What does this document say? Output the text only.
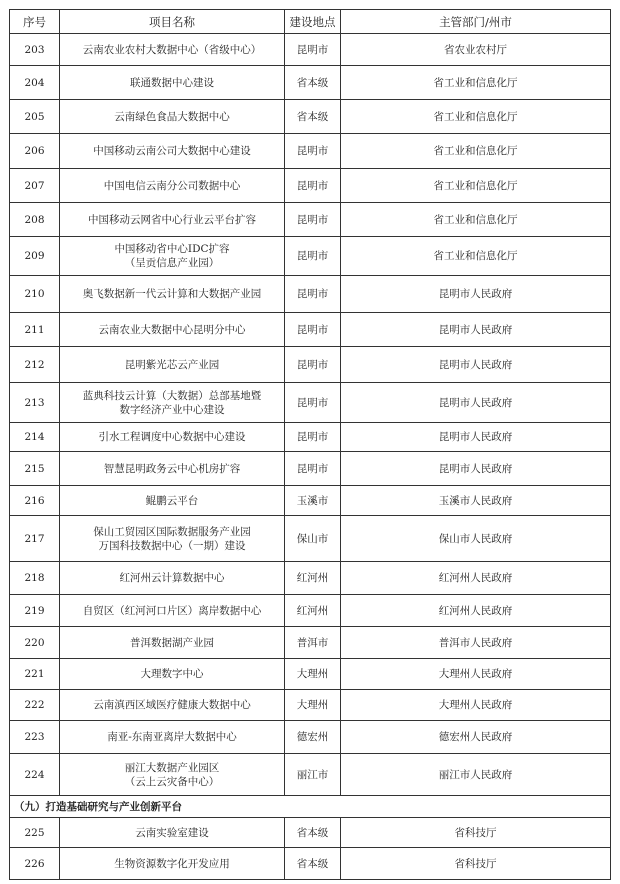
序号	项目名称	建设地点	主管部门/州市
203	云南农业农村大数据中心（省级中心）	昆明市	省农业农村厅
204	联通数据中心建设	省本级	省工业和信息化厅
205	云南绿色食品大数据中心	省本级	省工业和信息化厅
206	中国移动云南公司大数据中心建设	昆明市	省工业和信息化厅
207	中国电信云南分公司数据中心	昆明市	省工业和信息化厅
208	中国移动云网省中心行业云平台扩容	昆明市	省工业和信息化厅
209	中国移动省中心IDC扩容
（呈贡信息产业园）	昆明市	省工业和信息化厅
210	奥飞数据新一代云计算和大数据产业园	昆明市	昆明市人民政府
211	云南农业大数据中心昆明分中心	昆明市	昆明市人民政府
212	昆明紫光芯云产业园	昆明市	昆明市人民政府
213	蓝典科技云计算（大数据）总部基地暨
数字经济产业中心建设	昆明市	昆明市人民政府
214	引水工程调度中心数据中心建设	昆明市	昆明市人民政府
215	智慧昆明政务云中心机房扩容	昆明市	昆明市人民政府
216	鲲鹏云平台	玉溪市	玉溪市人民政府
217	保山工贸园区国际数据服务产业园
万国科技数据中心（一期）建设	保山市	保山市人民政府
218	红河州云计算数据中心	红河州	红河州人民政府
219	自贸区（红河河口片区）离岸数据中心	红河州	红河州人民政府
220	普洱数据湖产业园	普洱市	普洱市人民政府
221	大理数字中心	大理州	大理州人民政府
222	云南滇西区域医疗健康大数据中心	大理州	大理州人民政府
223	南亚-东南亚离岸大数据中心	德宏州	德宏州人民政府
224	丽江大数据产业园区
（云上云灾备中心）	丽江市	丽江市人民政府
（九）打造基础研究与产业创新平台			
225	云南实验室建设	省本级	省科技厅
226	生物资源数字化开发应用	省本级	省科技厅
